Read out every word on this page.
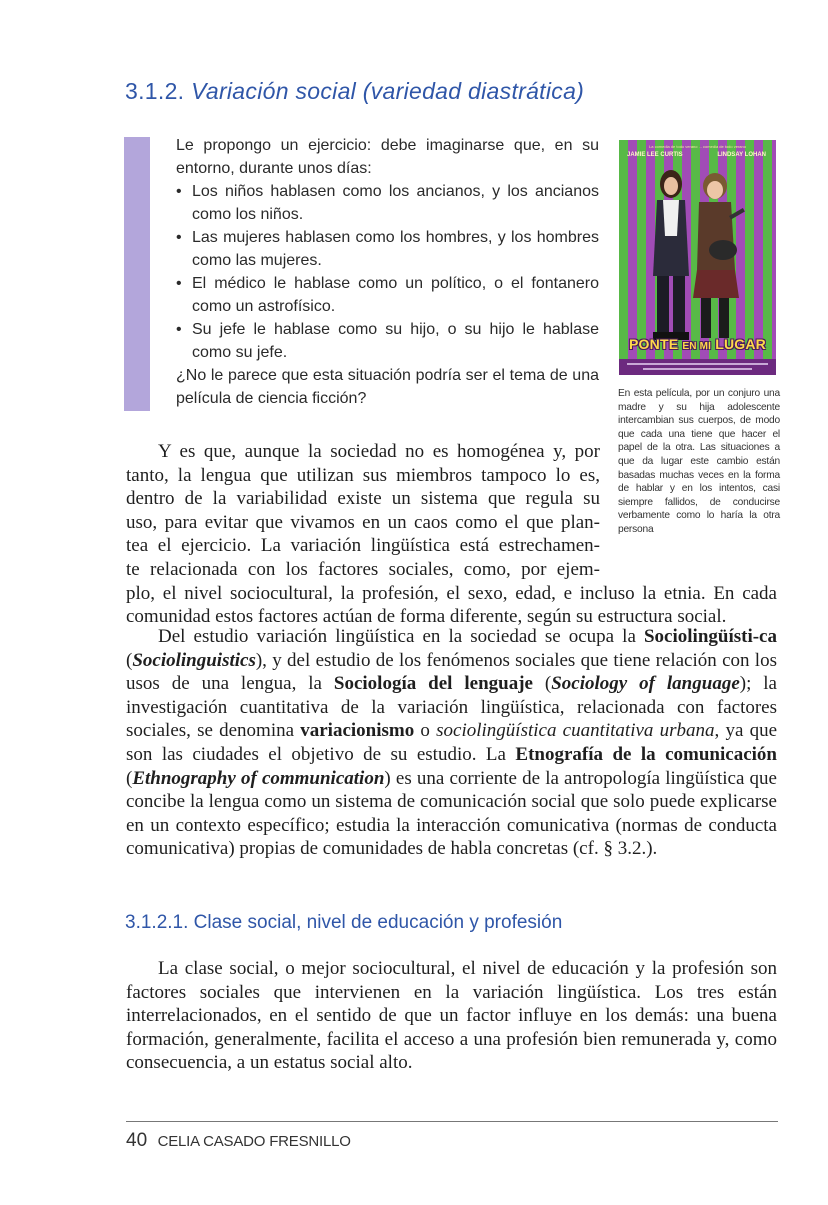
3.1.2. Variación social (variedad diastrática)

Le propongo un ejercicio: debe imaginarse que, en su entorno, durante unos días:

• Los niños hablasen como los ancianos, y los ancianos como los niños.
• Las mujeres hablasen como los hombres, y los hombres como las mujeres.
• El médico le hablase como un político, o el fontanero como un astrofísico.
• Su jefe le hablase como su hijo, o su hijo le hablase como su jefe.

¿No le parece que esta situación podría ser el tema de una película de ciencia ficción?

La comedia de todo verano ... comedia de todo verano
JAMIE LEE CURTIS	LINDSAY LOHAN
PONTE EN MI LUGAR
En esta película, por un conjuro una madre y su hija adolescente intercambian sus cuerpos, de modo que cada una tiene que hacer el papel de la otra. Las situaciones a que da lugar este cambio están basadas muchas veces en la forma de hablar y en los intentos, casi siempre fallidos, de conducirse verbamente como lo haría la otra persona
Y es que, aunque la sociedad no es homogénea y, por
tanto, la lengua que utilizan sus miembros tampoco lo es,
dentro de la variabilidad existe un sistema que regula su
uso, para evitar que vivamos en un caos como el que plan-
tea el ejercicio. La variación lingüística está estrechamen-
te relacionada con los factores sociales, como, por ejem-
plo, el nivel sociocultural, la profesión, el sexo, edad, e incluso la etnia. En cada
comunidad estos factores actúan de forma diferente, según su estructura social.
Del estudio variación lingüística en la sociedad se ocupa la Sociolingüísti-ca (Sociolinguistics), y del estudio de los fenómenos sociales que tiene relación con los usos de una lengua, la Sociología del lenguaje (Sociology of language); la investigación cuantitativa de la variación lingüística, relacionada con factores sociales, se denomina variacionismo o sociolingüística cuantitativa urbana, ya que son las ciudades el objetivo de su estudio. La Etnografía de la comunicación (Ethnography of communication) es una corriente de la antropología lingüística que concibe la lengua como un sistema de comunicación social que solo puede explicarse en un contexto específico; estudia la interacción comunicativa (normas de conducta comunicativa) propias de comunidades de habla concretas (cf. § 3.2.).
3.1.2.1. Clase social, nivel de educación y profesión
La clase social, o mejor sociocultural, el nivel de educación y la profesión son factores sociales que intervienen en la variación lingüística. Los tres están interrelacionados, en el sentido de que un factor influye en los demás: una buena formación, generalmente, facilita el acceso a una profesión bien remunerada y, como consecuencia, a un estatus social alto.
40 CELIA CASADO FRESNILLO
